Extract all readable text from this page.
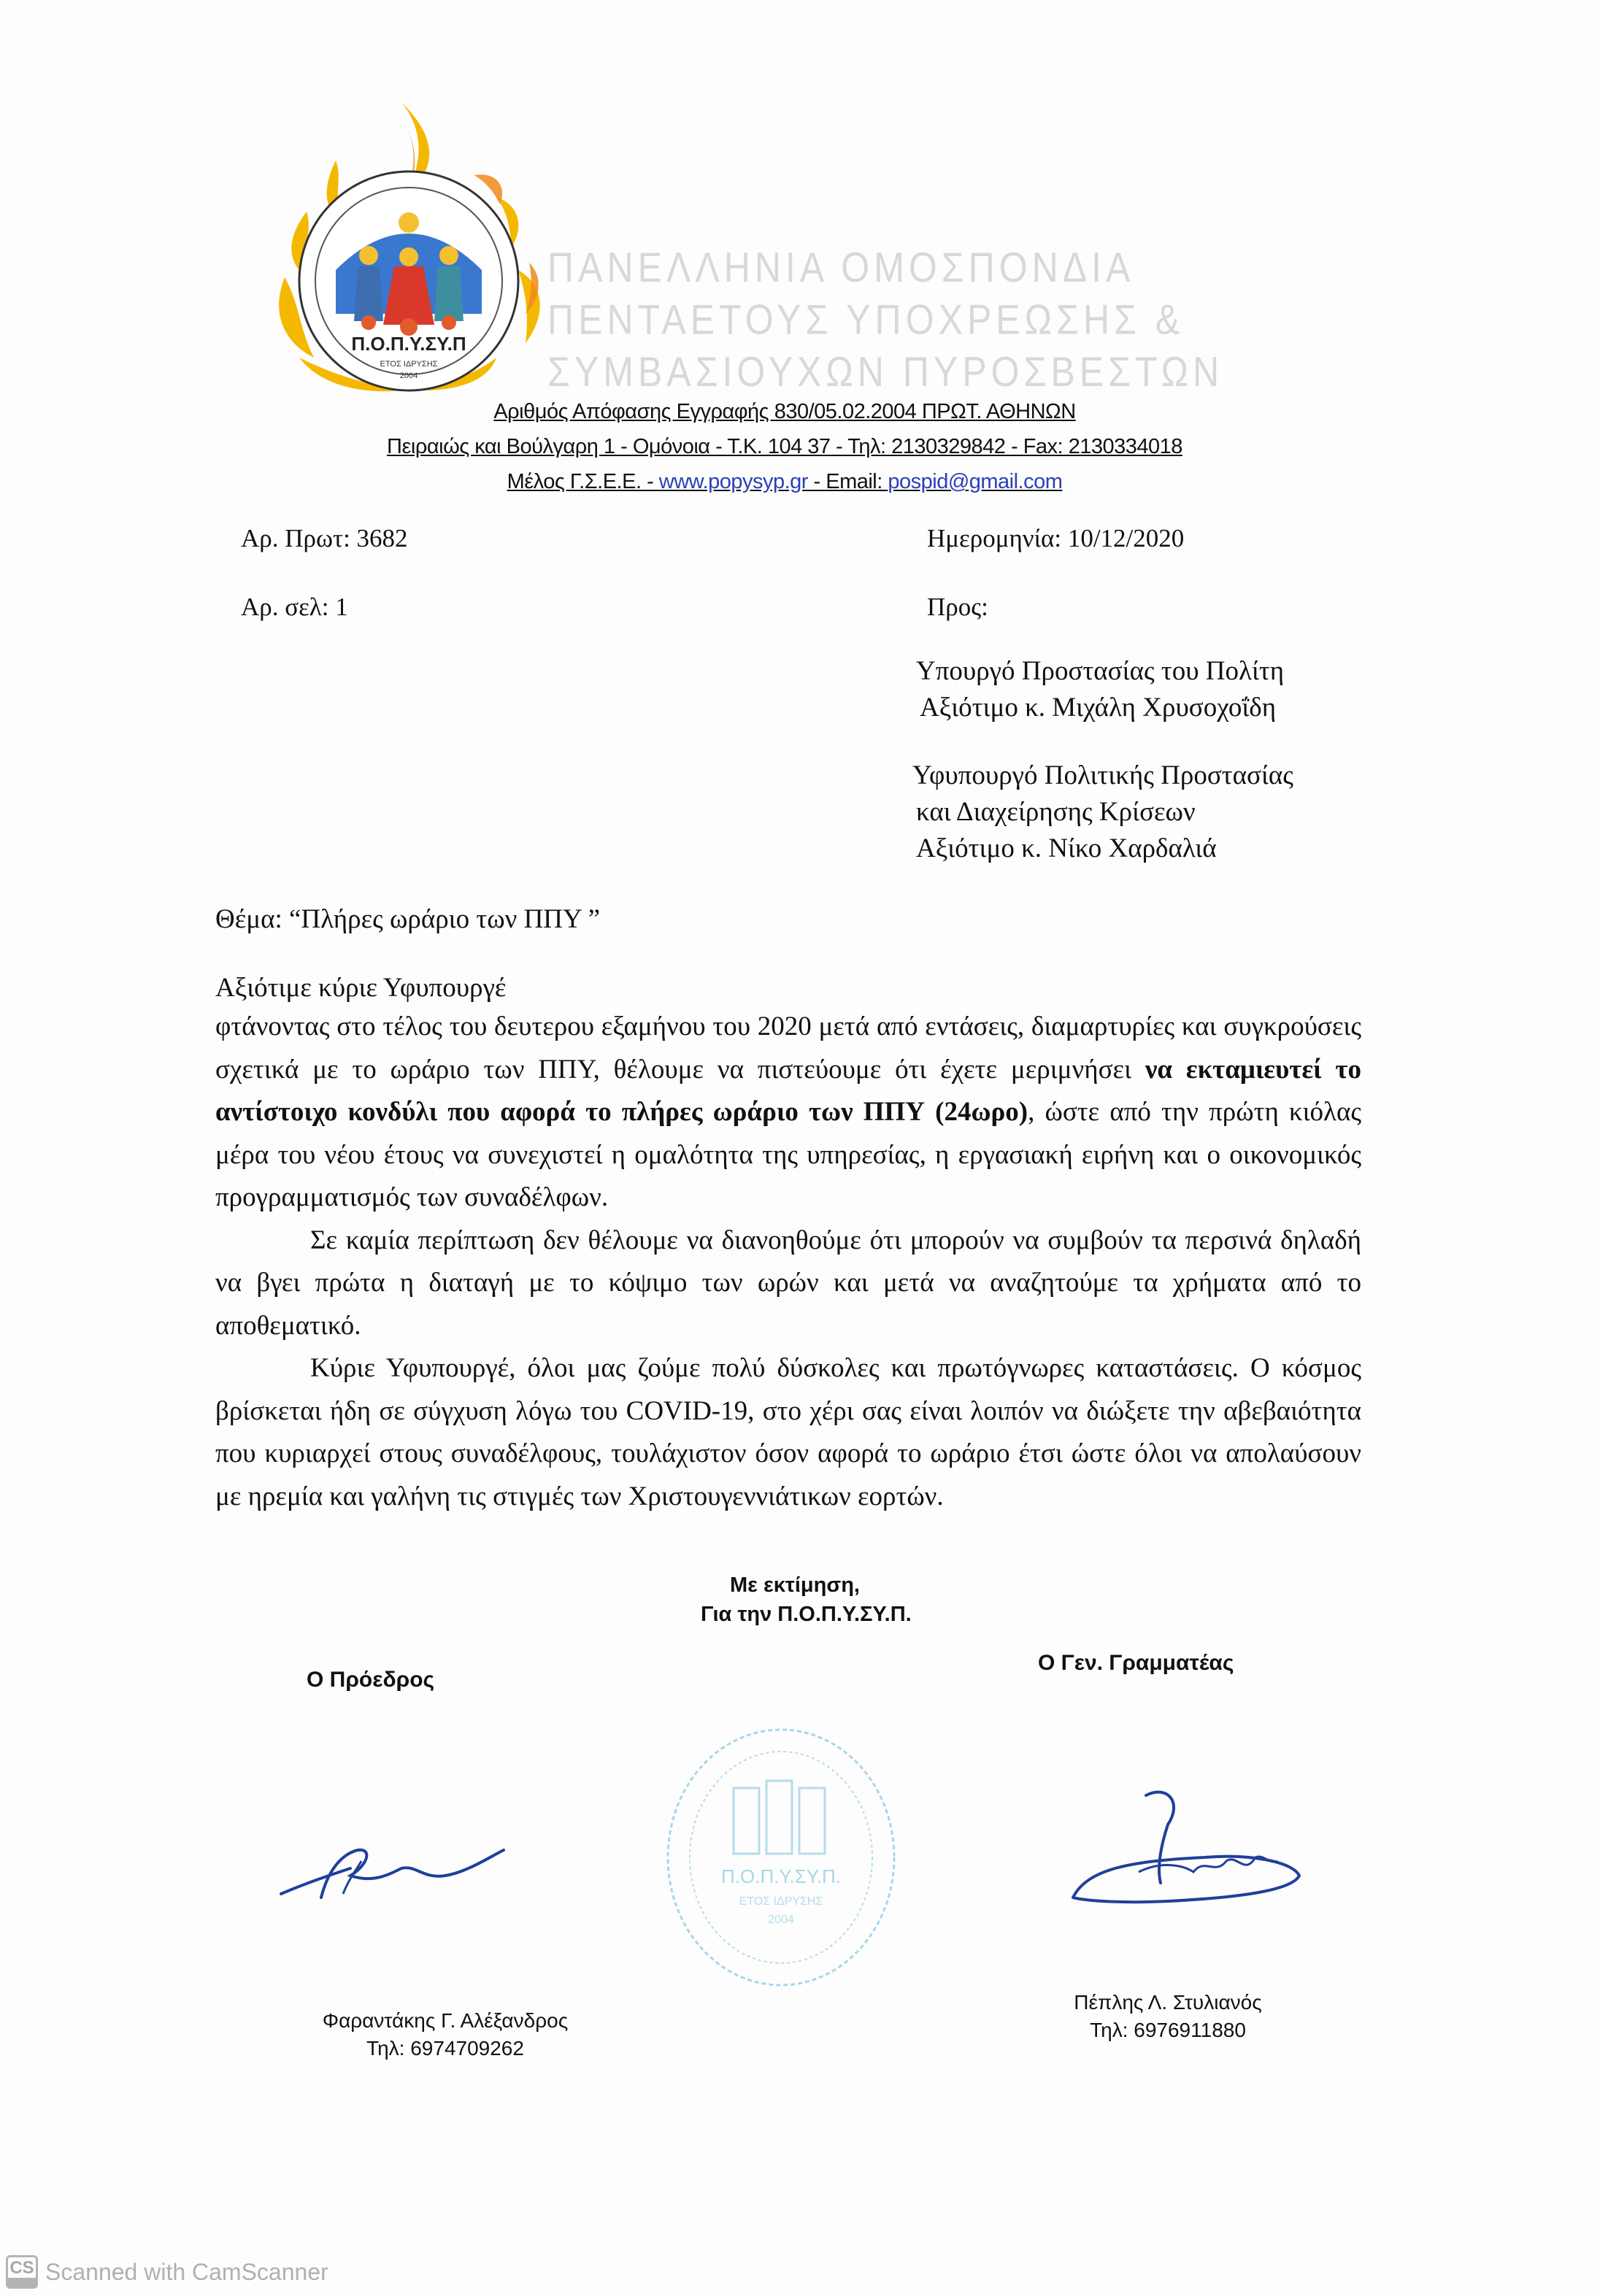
Π.Ο.Π.Υ.ΣΥ.Π
ΕΤΟΣ ΙΔΡΥΣΗΣ
2004
ΠΑΝΕΛΛΗΝΙΑ ΟΜΟΣΠΟΝΔΙΑ
ΠΕΝΤΑΕΤΟΥΣ ΥΠΟΧΡΕΩΣΗΣ &
ΣΥΜΒΑΣΙΟΥΧΩΝ ΠΥΡΟΣΒΕΣΤΩΝ
Αριθμός Απόφασης Εγγραφής 830/05.02.2004 ΠΡΩΤ. ΑΘΗΝΩΝ
Πειραιώς και Βούλγαρη 1 - Ομόνοια - Τ.Κ. 104 37 - Τηλ: 2130329842 - Fax: 2130334018
Μέλος Γ.Σ.Ε.Ε. - www.popysyp.gr - Email: pospid@gmail.com
Αρ. Πρωτ: 3682
Αρ. σελ: 1
Ημερομηνία: 10/12/2020
Προς:
Υπουργό Προστασίας του Πολίτη
Αξιότιμο κ. Μιχάλη Χρυσοχοΐδη
Υφυπουργό Πολιτικής Προστασίας
και Διαχείρησης Κρίσεων
Αξιότιμο κ. Νίκο Χαρδαλιά
Θέμα: “Πλήρες ωράριο των ΠΠΥ ”
Αξιότιμε κύριε Υφυπουργέ

φτάνοντας στο τέλος του δευτερου εξαμήνου του 2020 μετά από εντάσεις, διαμαρτυρίες και συγκρούσεις σχετικά με το ωράριο των ΠΠΥ, θέλουμε να πιστεύουμε ότι έχετε μεριμνήσει να εκταμιευτεί το αντίστοιχο κονδύλι που αφορά το πλήρες ωράριο των ΠΠΥ (24ωρο), ώστε από την πρώτη κιόλας μέρα του νέου έτους να συνεχιστεί η ομαλότητα της υπηρεσίας, η εργασιακή ειρήνη και ο οικονομικός προγραμματισμός των συναδέλφων.

Σε καμία περίπτωση δεν θέλουμε να διανοηθούμε ότι μπορούν να συμβούν τα περσινά δηλαδή να βγει πρώτα η διαταγή με το κόψιμο των ωρών και μετά να αναζητούμε τα χρήματα από το αποθεματικό.

Κύριε Υφυπουργέ, όλοι μας ζούμε πολύ δύσκολες και πρωτόγνωρες καταστάσεις. Ο κόσμος βρίσκεται ήδη σε σύγχυση λόγω του COVID-19, στο χέρι σας είναι λοιπόν να διώξετε την αβεβαιότητα που κυριαρχεί στους συναδέλφους, τουλάχιστον όσον αφορά το ωράριο έτσι ώστε όλοι να απολαύσουν με ηρεμία και γαλήνη τις στιγμές των Χριστουγεννιάτικων εορτών.

Με εκτίμηση,
Για την Π.Ο.Π.Υ.ΣΥ.Π.
Ο Πρόεδρος
Ο Γεν. Γραμματέας
Π.Ο.Π.Υ.ΣΥ.Π.
ΕΤΟΣ ΙΔΡΥΣΗΣ
2004
Φαραντάκης Γ. Αλέξανδρος
Τηλ: 6974709262
Πέπλης Λ. Στυλιανός
Τηλ: 6976911880
CS Scanned with CamScanner
